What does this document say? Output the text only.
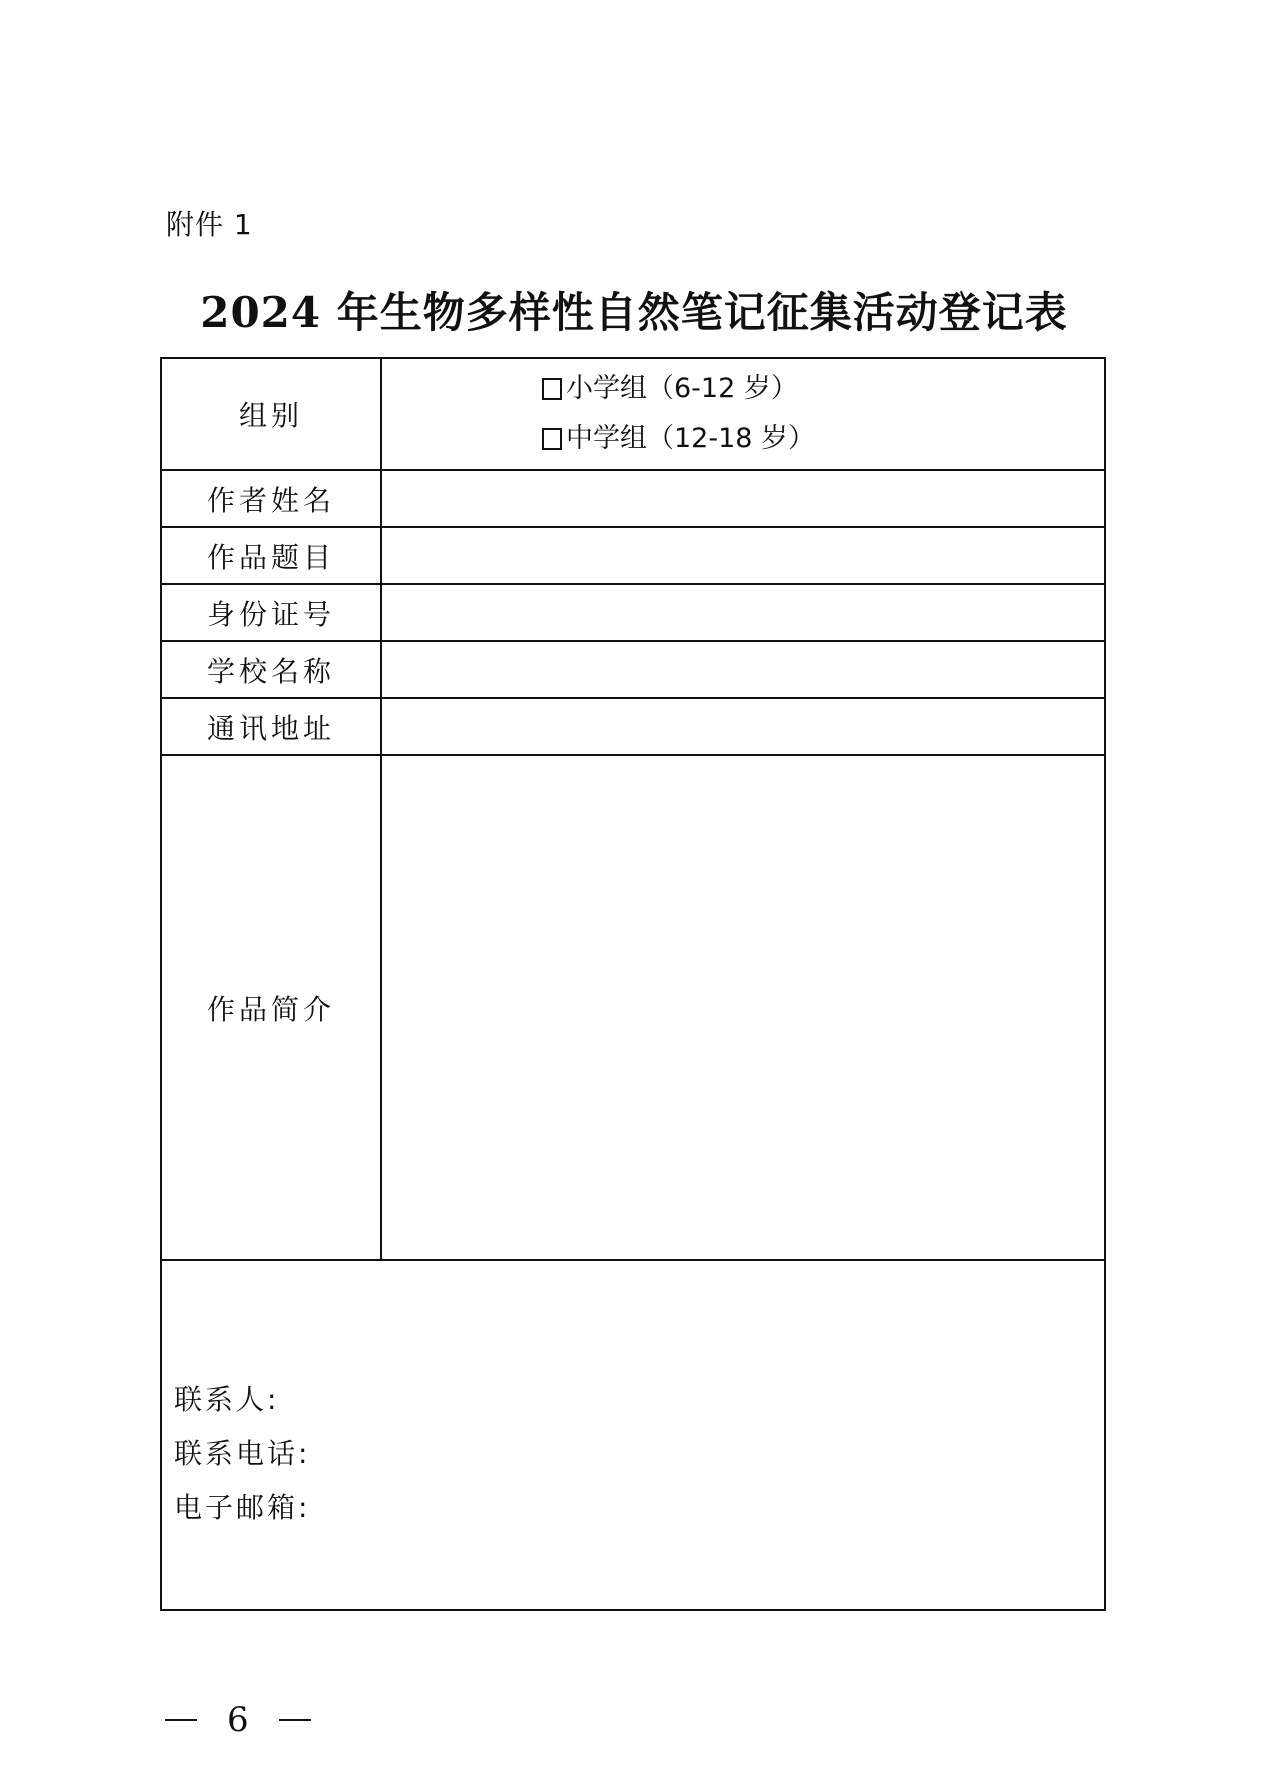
附件 1
2024 年生物多样性自然笔记征集活动登记表
组别	小学组（6-12 岁）
中学组（12-18 岁）

作者姓名	
作品题目	
身份证号	
学校名称	
通讯地址	
作品简介	

联系人:
联系电话:
电子邮箱:	
6
